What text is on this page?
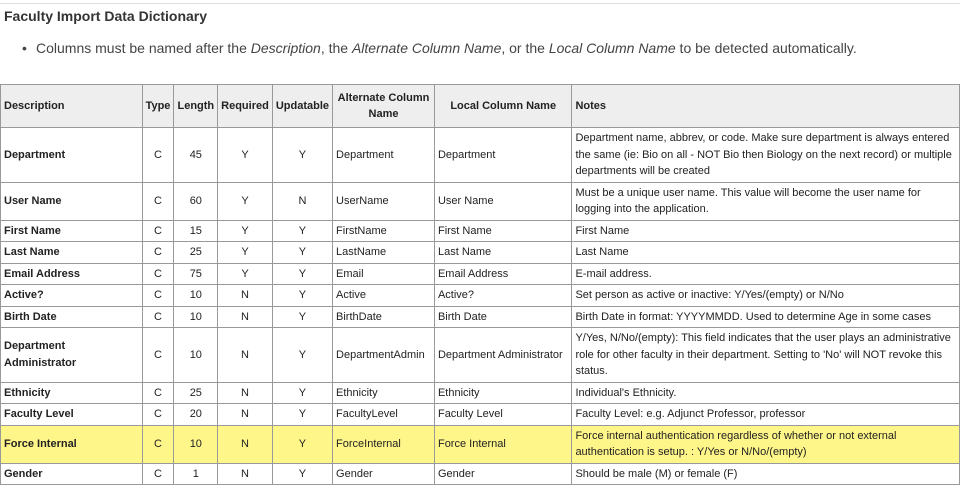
Faculty Import Data Dictionary
• Columns must be named after the Description, the Alternate Column Name, or the Local Column Name to be detected automatically.
Description	Type	Length	Required	Updatable	Alternate Column Name	Local Column Name	Notes
Department	C	45	Y	Y	Department	Department	Department name, abbrev, or code. Make sure department is always entered the same (ie: Bio on all - NOT Bio then Biology on the next record) or multiple departments will be created
User Name	C	60	Y	N	UserName	User Name	Must be a unique user name. This value will become the user name for logging into the application.
First Name	C	15	Y	Y	FirstName	First Name	First Name
Last Name	C	25	Y	Y	LastName	Last Name	Last Name
Email Address	C	75	Y	Y	Email	Email Address	E-mail address.
Active?	C	10	N	Y	Active	Active?	Set person as active or inactive: Y/Yes/(empty) or N/No
Birth Date	C	10	N	Y	BirthDate	Birth Date	Birth Date in format: YYYYMMDD. Used to determine Age in some cases
Department Administrator	C	10	N	Y	DepartmentAdmin	Department Administrator	Y/Yes, N/No/(empty): This field indicates that the user plays an administrative role for other faculty in their department. Setting to 'No' will NOT revoke this status.
Ethnicity	C	25	N	Y	Ethnicity	Ethnicity	Individual's Ethnicity.
Faculty Level	C	20	N	Y	FacultyLevel	Faculty Level	Faculty Level: e.g. Adjunct Professor, professor
Force Internal	C	10	N	Y	ForceInternal	Force Internal	Force internal authentication regardless of whether or not external authentication is setup. : Y/Yes or N/No/(empty)
Gender	C	1	N	Y	Gender	Gender	Should be male (M) or female (F)
